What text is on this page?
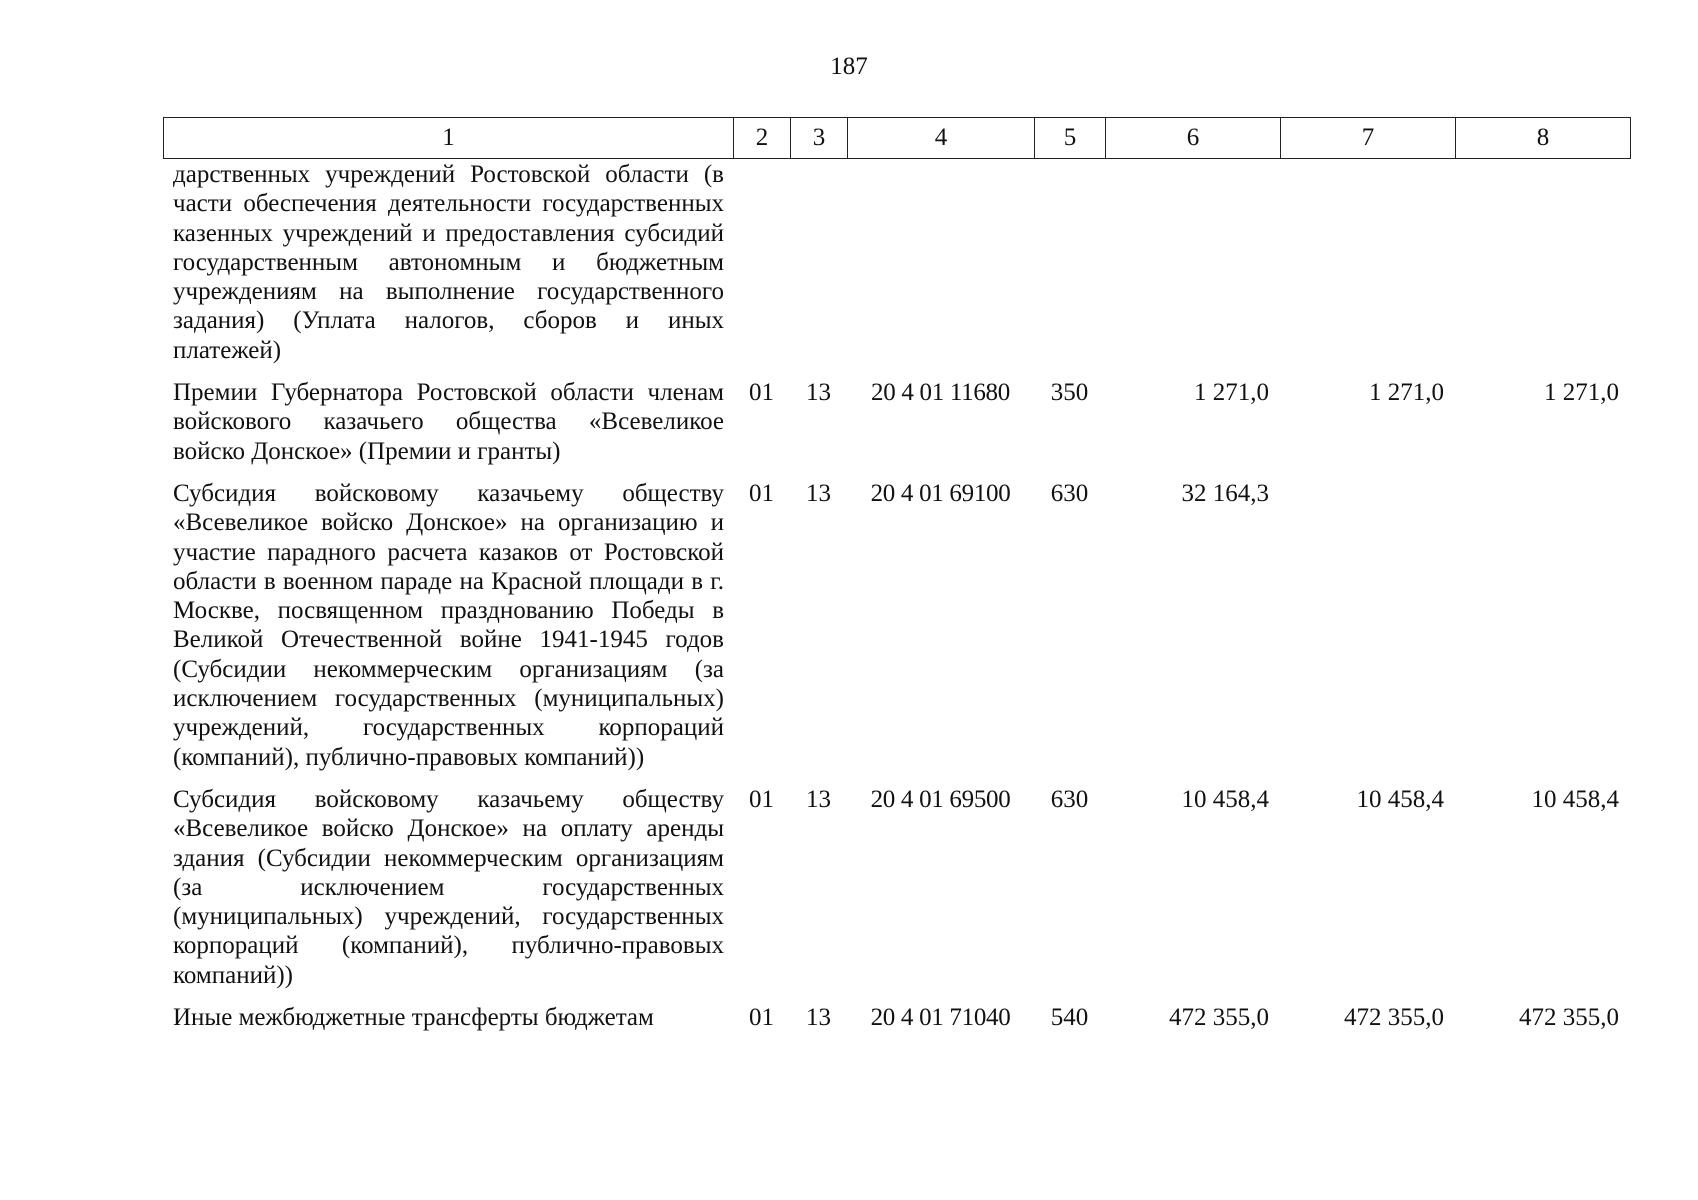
187
1	2	3	4	5	6	7	8
дарственных учреждений Ростовской области (в части обеспечения деятельности государственных казенных учреждений и предоставления субсидий государственным автономным и бюджетным учреждениям на выполнение государственного задания) (Уплата налогов, сборов и иных платежей)							
Премии Губернатора Ростовской области членам войскового казачьего общества «Всевеликое войско Донское» (Премии и гранты)	01	13	20 4 01 11680	350	1 271,0	1 271,0	1 271,0
Субсидия войсковому казачьему обществу «Всевеликое войско Донское» на организацию и участие парадного расчета казаков от Ростовской области в военном параде на Красной площади в г. Москве, посвященном празднованию Победы в Великой Отечественной войне 1941-1945 годов (Субсидии некоммерческим организациям (за исключением государственных (муниципальных) учреждений, государственных корпораций (компаний), публично-правовых компаний))	01	13	20 4 01 69100	630	32 164,3		
Субсидия войсковому казачьему обществу «Всевеликое войско Донское» на оплату аренды здания (Субсидии некоммерческим организациям (за исключением государственных (муниципальных) учреждений, государственных корпораций (компаний), публично-правовых компаний))	01	13	20 4 01 69500	630	10 458,4	10 458,4	10 458,4
Иные межбюджетные трансферты бюджетам	01	13	20 4 01 71040	540	472 355,0	472 355,0	472 355,0
